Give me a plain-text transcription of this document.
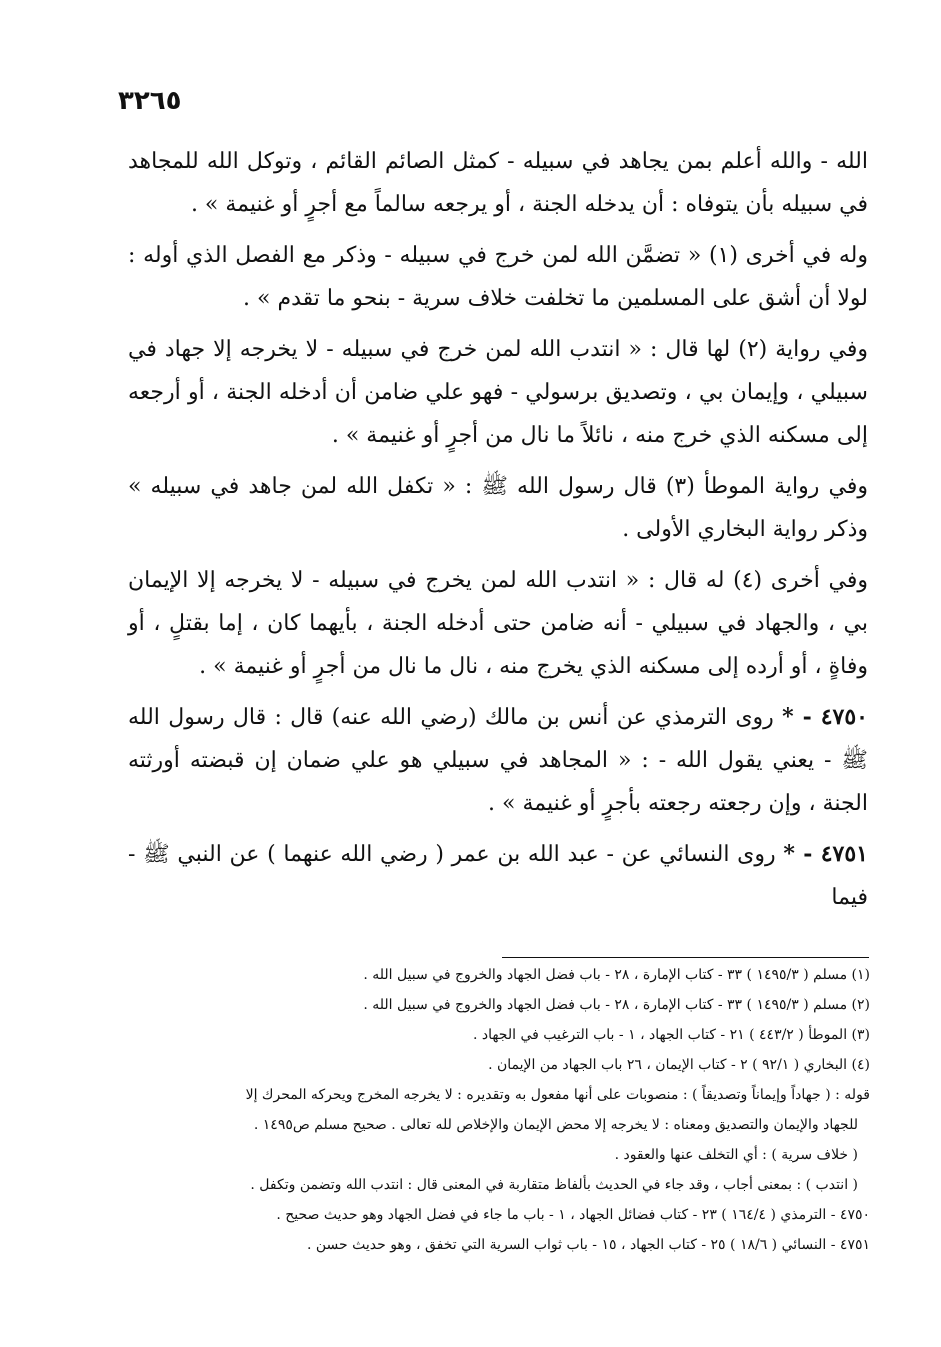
٣٢٦٥

الله - والله أعلم بمن يجاهد في سبيله - كمثل الصائم القائم ، وتوكل الله للمجاهد في سبيله بأن يتوفاه : أن يدخله الجنة ، أو يرجعه سالماً مع أجرٍ أو غنيمة » .

وله في أخرى (١) « تضمَّن الله لمن خرج في سبيله - وذكر مع الفصل الذي أوله : لولا أن أشق على المسلمين ما تخلفت خلاف سرية - بنحو ما تقدم » .

وفي رواية (٢) لها قال : « انتدب الله لمن خرج في سبيله - لا يخرجه إلا جهاد في سبيلي ، وإيمان بي ، وتصديق برسولي - فهو علي ضامن أن أدخله الجنة ، أو أرجعه إلى مسكنه الذي خرج منه ، نائلاً ما نال من أجرٍ أو غنيمة » .

وفي رواية الموطأ (٣) قال رسول الله ﷺ : « تكفل الله لمن جاهد في سبيله » وذكر رواية البخاري الأولى .

وفي أخرى (٤) له قال : « انتدب الله لمن يخرج في سبيله - لا يخرجه إلا الإيمان بي ، والجهاد في سبيلي - أنه ضامن حتى أدخله الجنة ، بأيهما كان ، إما بقتلٍ ، أو وفاةٍ ، أو أرده إلى مسكنه الذي يخرج منه ، نال ما نال من أجرٍ أو غنيمة » .

٤٧٥٠ - * روى الترمذي عن أنس بن مالك (رضي الله عنه) قال : قال رسول الله ﷺ - يعني يقول الله - : « المجاهد في سبيلي هو علي ضمان إن قبضته أورثته الجنة ، وإن رجعته رجعته بأجرٍ أو غنيمة » .

٤٧٥١ - * روى النسائي عن - عبد الله بن عمر ( رضي الله عنهما ) عن النبي ﷺ - فيما

(١) مسلم ( ١٤٩٥/٣ ) ٣٣ - كتاب الإمارة ، ٢٨ - باب فضل الجهاد والخروج في سبيل الله .

(٢) مسلم ( ١٤٩٥/٣ ) ٣٣ - كتاب الإمارة ، ٢٨ - باب فضل الجهاد والخروج في سبيل الله .

(٣) الموطأ ( ٤٤٣/٢ ) ٢١ - كتاب الجهاد ، ١ - باب الترغيب في الجهاد .

(٤) البخاري ( ٩٢/١ ) ٢ - كتاب الإيمان ، ٢٦ باب الجهاد من الإيمان .

قوله : ( جهاداً وإيماناً وتصديقاً ) : منصوبات على أنها مفعول به وتقديره : لا يخرجه المخرج ويحركه المحرك إلا

للجهاد والإيمان والتصديق ومعناه : لا يخرجه إلا محض الإيمان والإخلاص لله تعالى . صحيح مسلم ص١٤٩٥ .

( خلاف سرية ) : أي التخلف عنها والعقود .

( انتدب ) : بمعنى أجاب ، وقد جاء في الحديث بألفاظ متقاربة في المعنى قال : انتدب الله وتضمن وتكفل .

٤٧٥٠ - الترمذي ( ١٦٤/٤ ) ٢٣ - كتاب فضائل الجهاد ، ١ - باب ما جاء في فضل الجهاد وهو حديث صحيح .

٤٧٥١ - النسائي ( ١٨/٦ ) ٢٥ - كتاب الجهاد ، ١٥ - باب ثواب السرية التي تخفق ، وهو حديث حسن .
